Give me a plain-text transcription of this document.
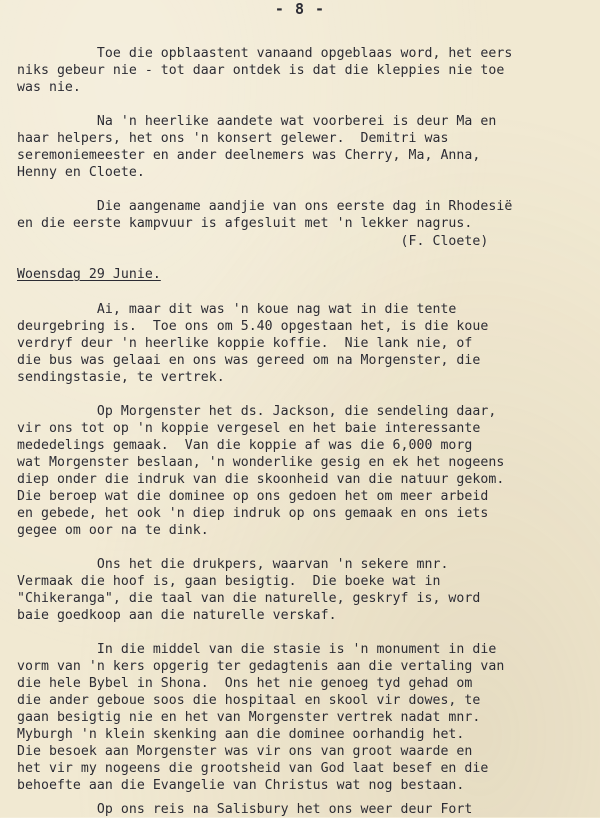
- 8 -
Toe die opblaastent vanaand opgeblaas word, het eers
niks gebeur nie - tot daar ontdek is dat die kleppies nie toe
was nie.
Na 'n heerlike aandete wat voorberei is deur Ma en
haar helpers, het ons 'n konsert gelewer.  Demitri was
seremoniemeester en ander deelnemers was Cherry, Ma, Anna,
Henny en Cloete.
Die aangename aandjie van ons eerste dag in Rhodesië
en die eerste kampvuur is afgesluit met 'n lekker nagrus.
(F. Cloete)
Woensdag 29 Junie.
Ai, maar dit was 'n koue nag wat in die tente
deurgebring is.  Toe ons om 5.40 opgestaan het, is die koue
verdryf deur 'n heerlike koppie koffie.  Nie lank nie, of
die bus was gelaai en ons was gereed om na Morgenster, die
sendingstasie, te vertrek.
Op Morgenster het ds. Jackson, die sendeling daar,
vir ons tot op 'n koppie vergesel en het baie interessante
mededelings gemaak.  Van die koppie af was die 6,000 morg
wat Morgenster beslaan, 'n wonderlike gesig en ek het nogeens
diep onder die indruk van die skoonheid van die natuur gekom.
Die beroep wat die dominee op ons gedoen het om meer arbeid
en gebede, het ook 'n diep indruk op ons gemaak en ons iets
gegee om oor na te dink.
Ons het die drukpers, waarvan 'n sekere mnr.
Vermaak die hoof is, gaan besigtig.  Die boeke wat in
"Chikeranga", die taal van die naturelle, geskryf is, word
baie goedkoop aan die naturelle verskaf.
In die middel van die stasie is 'n monument in die
vorm van 'n kers opgerig ter gedagtenis aan die vertaling van
die hele Bybel in Shona.  Ons het nie genoeg tyd gehad om
die ander geboue soos die hospitaal en skool vir dowes, te
gaan besigtig nie en het van Morgenster vertrek nadat mnr.
Myburgh 'n klein skenking aan die dominee oorhandig het.
Die besoek aan Morgenster was vir ons van groot waarde en
het vir my nogeens die grootsheid van God laat besef en die
behoefte aan die Evangelie van Christus wat nog bestaan.
Op ons reis na Salisbury het ons weer deur Fort
